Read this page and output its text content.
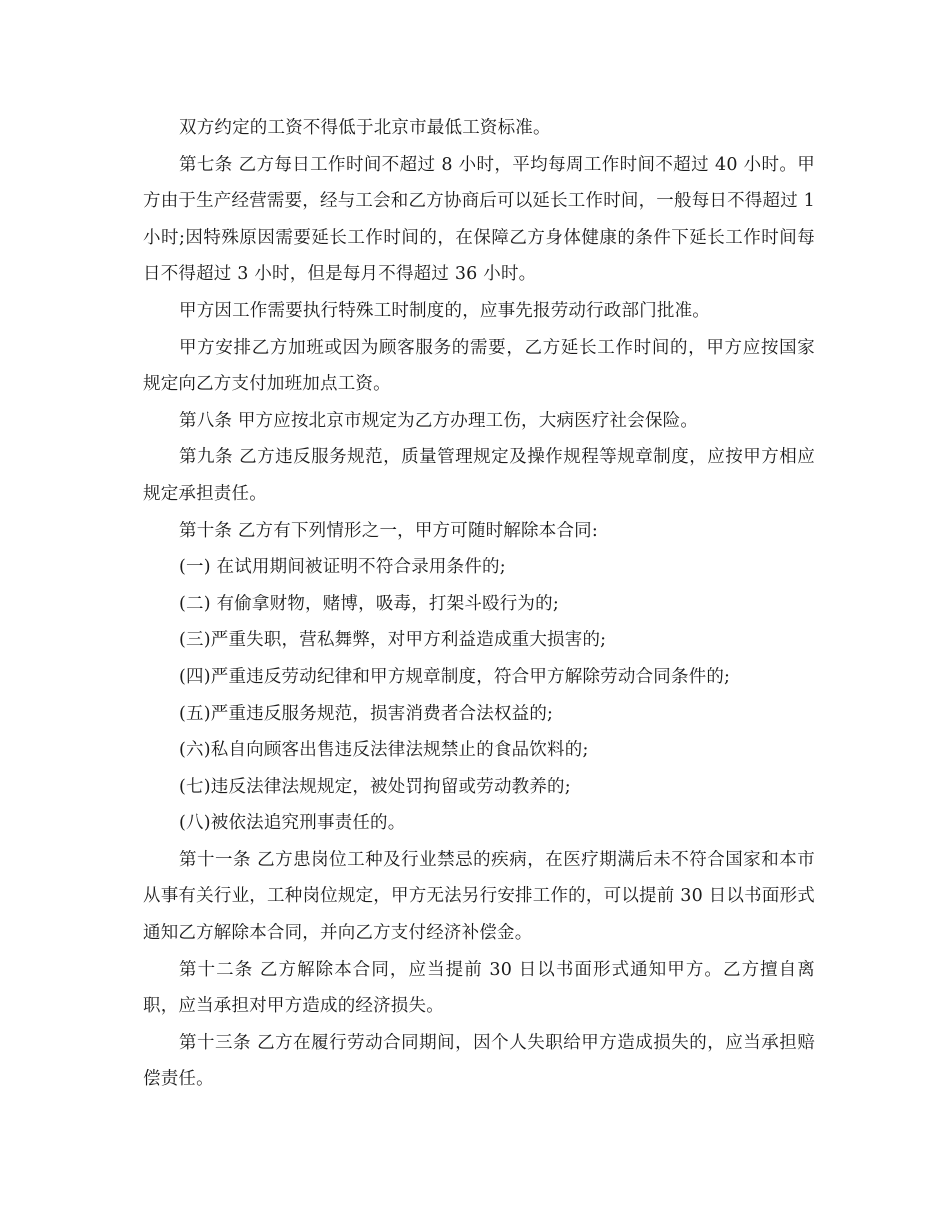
双方约定的工资不得低于北京市最低工资标准。

第七条 乙方每日工作时间不超过 8 小时，平均每周工作时间不超过 40 小时。甲方由于生产经营需要，经与工会和乙方协商后可以延长工作时间，一般每日不得超过 1 小时;因特殊原因需要延长工作时间的，在保障乙方身体健康的条件下延长工作时间每日不得超过 3 小时，但是每月不得超过 36 小时。

甲方因工作需要执行特殊工时制度的，应事先报劳动行政部门批准。

甲方安排乙方加班或因为顾客服务的需要，乙方延长工作时间的，甲方应按国家规定向乙方支付加班加点工资。

第八条 甲方应按北京市规定为乙方办理工伤，大病医疗社会保险。

第九条 乙方违反服务规范，质量管理规定及操作规程等规章制度，应按甲方相应规定承担责任。

第十条 乙方有下列情形之一，甲方可随时解除本合同:

(一) 在试用期间被证明不符合录用条件的;

(二) 有偷拿财物，赌博，吸毒，打架斗殴行为的;

(三)严重失职，营私舞弊，对甲方利益造成重大损害的;

(四)严重违反劳动纪律和甲方规章制度，符合甲方解除劳动合同条件的;

(五)严重违反服务规范，损害消费者合法权益的;

(六)私自向顾客出售违反法律法规禁止的食品饮料的;

(七)违反法律法规规定，被处罚拘留或劳动教养的;

(八)被依法追究刑事责任的。

第十一条 乙方患岗位工种及行业禁忌的疾病，在医疗期满后未不符合国家和本市从事有关行业，工种岗位规定，甲方无法另行安排工作的，可以提前 30 日以书面形式通知乙方解除本合同，并向乙方支付经济补偿金。

第十二条 乙方解除本合同，应当提前 30 日以书面形式通知甲方。乙方擅自离职，应当承担对甲方造成的经济损失。

第十三条 乙方在履行劳动合同期间，因个人失职给甲方造成损失的，应当承担赔偿责任。
